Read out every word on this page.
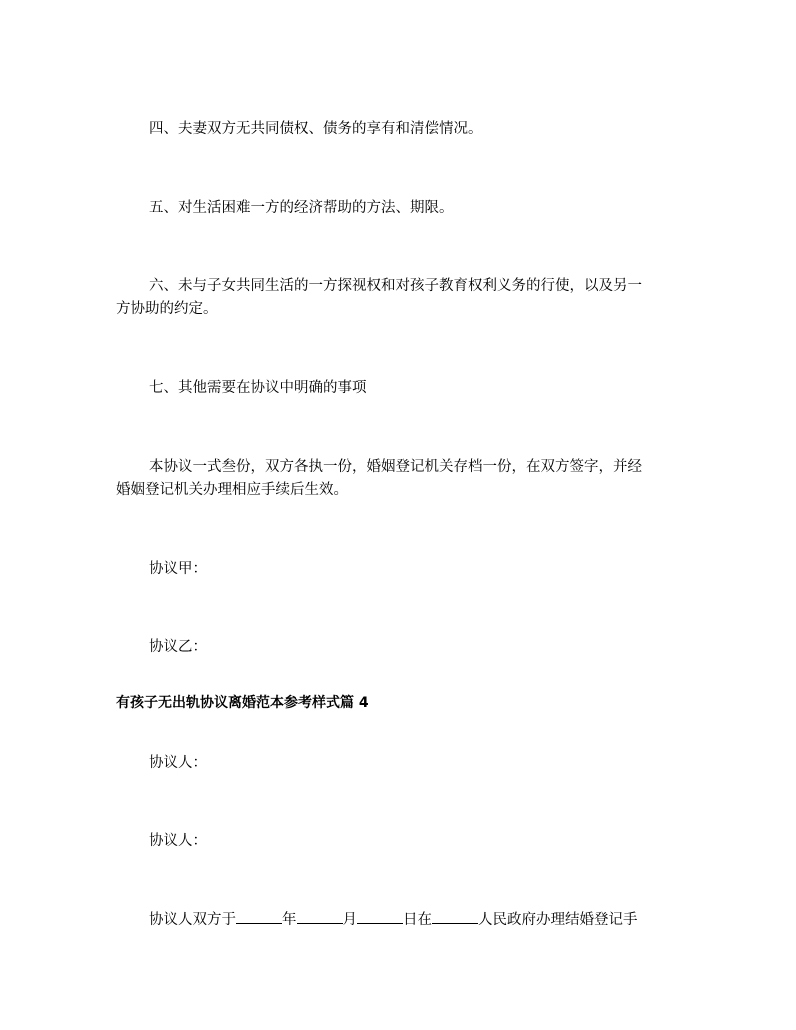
四、夫妻双方无共同债权、债务的享有和清偿情况。
五、对生活困难一方的经济帮助的方法、期限。
六、未与子女共同生活的一方探视权和对孩子教育权利义务的行使，以及另一
方协助的约定。
七、其他需要在协议中明确的事项
本协议一式叁份，双方各执一份，婚姻登记机关存档一份，在双方签字，并经
婚姻登记机关办理相应手续后生效。
协议甲：
协议乙：
有孩子无出轨协议离婚范本参考样式篇 4
协议人：
协议人：
协议人双方于	年	月	日在	人民政府办理结婚登记手
